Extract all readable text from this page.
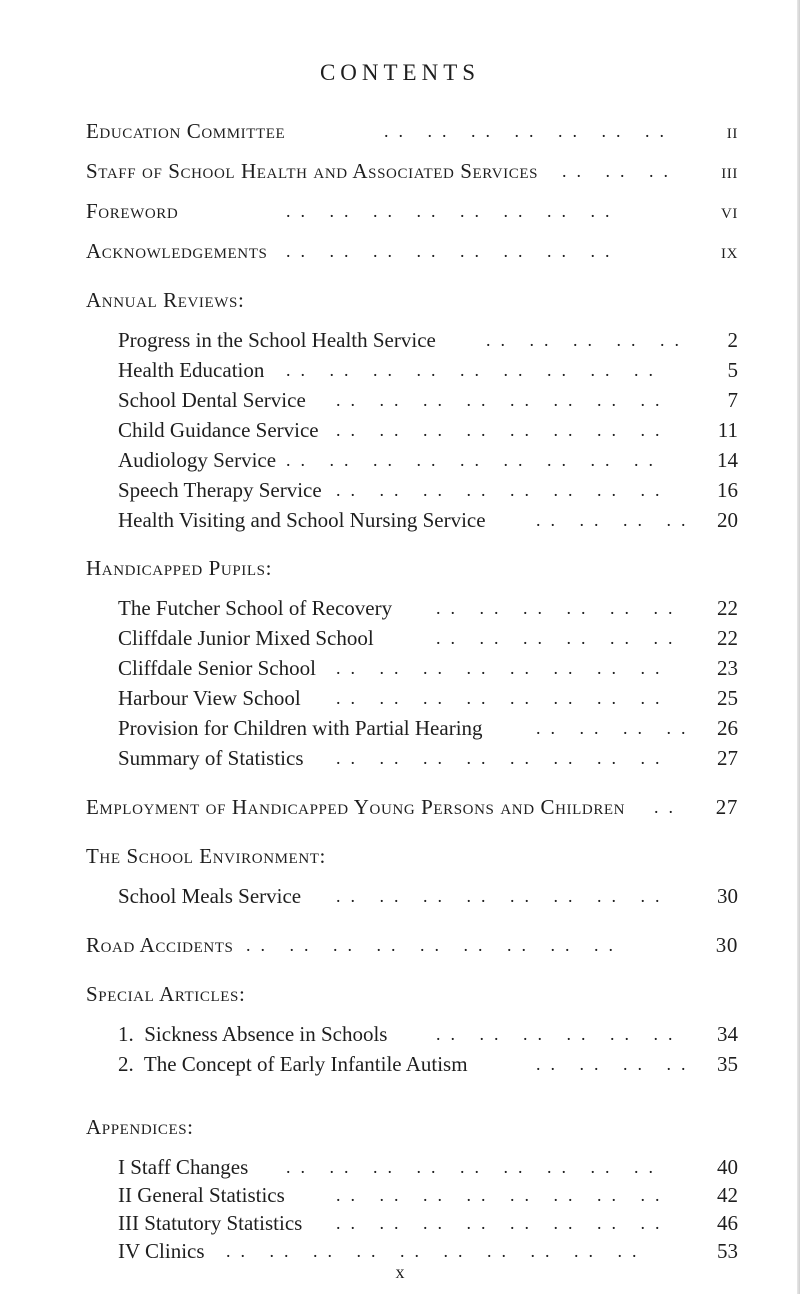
CONTENTS
Education Committee	.. .. .. .. .. .. ..	ii
Staff of School Health and Associated Services .. .. ..	iii
Foreword	.. .. .. .. .. .. .. ..	vi
Acknowledgements .. .. .. .. .. .. .. ..	ix
Annual Reviews:
Progress in the School Health Service	.. .. .. .. ..	2
Health Education .. .. .. .. .. .. .. .. ..	5
School Dental Service .. .. .. .. .. .. .. ..	7
Child Guidance Service .. .. .. .. .. .. .. ..	11
Audiology Service .. .. .. .. .. .. .. .. ..	14
Speech Therapy Service .. .. .. .. .. .. .. ..	16
Health Visiting and School Nursing Service	.. .. .. ..	20
Handicapped Pupils:
The Futcher School of Recovery .. .. .. .. .. ..	22
Cliffdale Junior Mixed School	.. .. .. .. .. ..	22
Cliffdale Senior School .. .. .. .. .. .. .. ..	23
Harbour View School .. .. .. .. .. .. .. ..	25
Provision for Children with Partial Hearing	.. .. .. ..	26
Summary of Statistics .. .. .. .. .. .. .. ..	27
Employment of Handicapped Young Persons and Children ..	27
The School Environment:
School Meals Service .. .. .. .. .. .. .. ..	30
Road Accidents .. .. .. .. .. .. .. .. ..	30
Special Articles:
1.  Sickness Absence in Schools	.. .. .. .. .. ..	34
2.  The Concept of Early Infantile Autism	.. .. .. ..	35
Appendices:
I Staff Changes .. .. .. .. .. .. .. .. ..	40
II General Statistics	.. .. .. .. .. .. .. ..	42
III Statutory Statistics .. .. .. .. .. .. .. ..	46
IV Clinics .. .. .. .. .. .. .. .. .. ..	53
x
